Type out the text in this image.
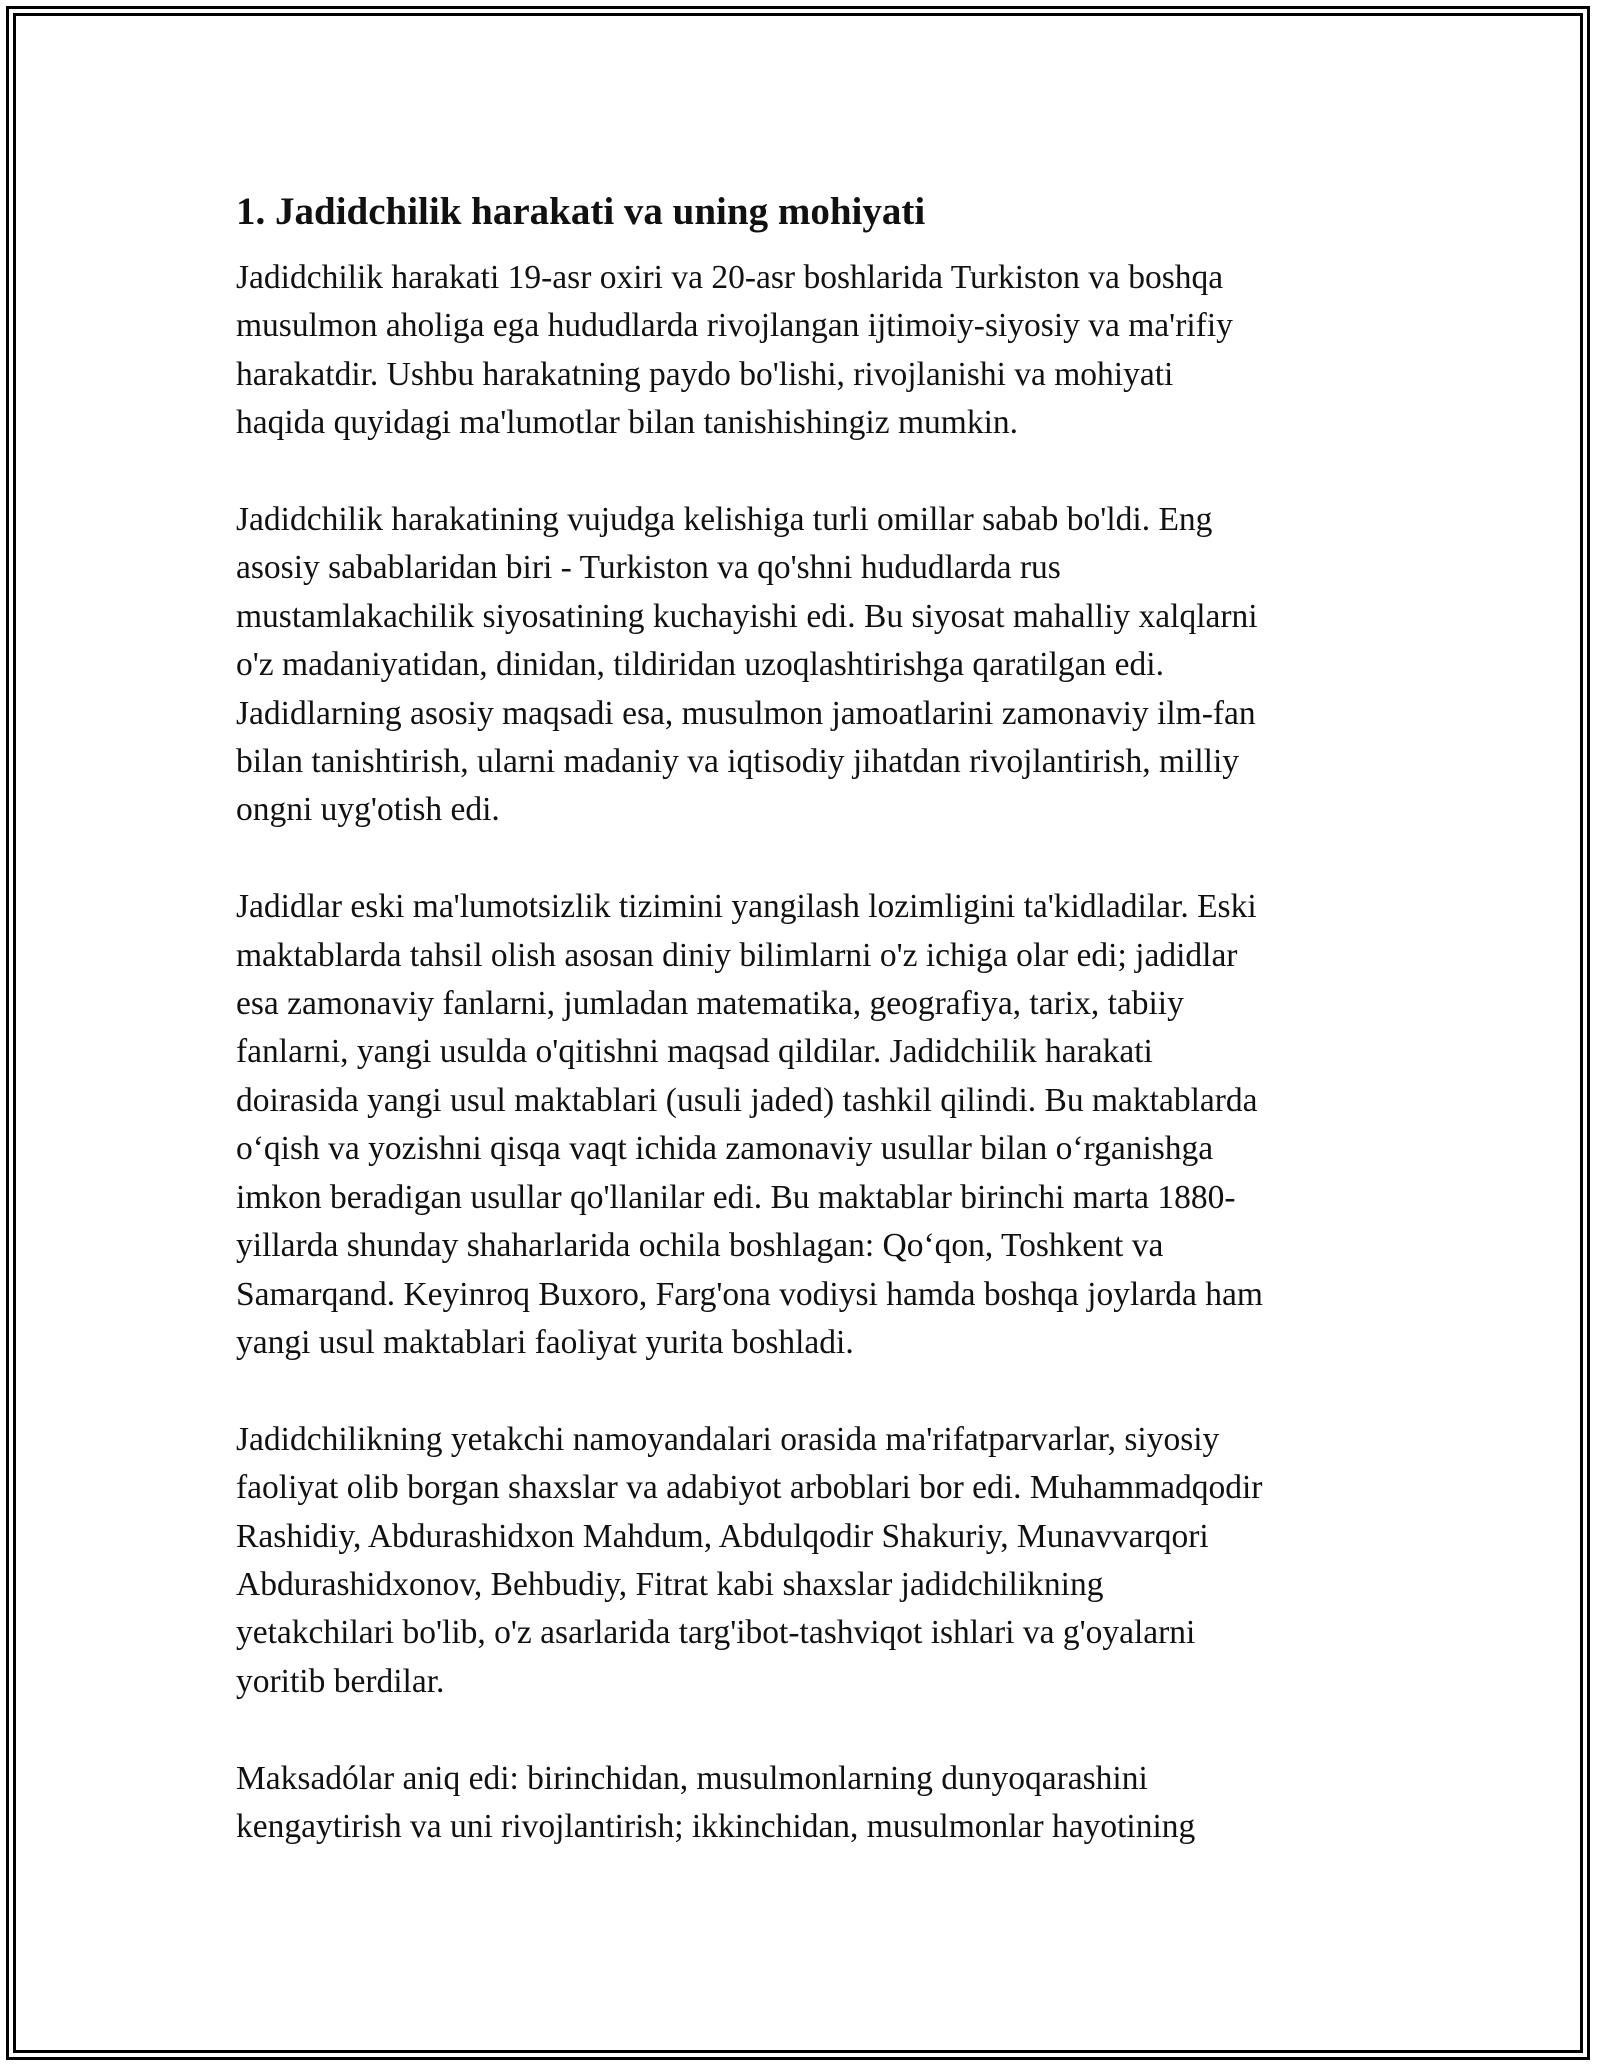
1. Jadidchilik harakati va uning mohiyati

Jadidchilik harakati 19-asr oxiri va 20-asr boshlarida Turkiston va boshqa
musulmon aholiga ega hududlarda rivojlangan ijtimoiy-siyosiy va ma'rifiy
harakatdir. Ushbu harakatning paydo bo'lishi, rivojlanishi va mohiyati
haqida quyidagi ma'lumotlar bilan tanishishingiz mumkin.

Jadidchilik harakatining vujudga kelishiga turli omillar sabab bo'ldi. Eng
asosiy sabablaridan biri - Turkiston va qo'shni hududlarda rus
mustamlakachilik siyosatining kuchayishi edi. Bu siyosat mahalliy xalqlarni
o'z madaniyatidan, dinidan, tildiridan uzoqlashtirishga qaratilgan edi.
Jadidlarning asosiy maqsadi esa, musulmon jamoatlarini zamonaviy ilm-fan
bilan tanishtirish, ularni madaniy va iqtisodiy jihatdan rivojlantirish, milliy
ongni uyg'otish edi.

Jadidlar eski ma'lumotsizlik tizimini yangilash lozimligini ta'kidladilar. Eski
maktablarda tahsil olish asosan diniy bilimlarni o'z ichiga olar edi; jadidlar
esa zamonaviy fanlarni, jumladan matematika, geografiya, tarix, tabiiy
fanlarni, yangi usulda o'qitishni maqsad qildilar. Jadidchilik harakati
doirasida yangi usul maktablari (usuli jaded) tashkil qilindi. Bu maktablarda
o‘qish va yozishni qisqa vaqt ichida zamonaviy usullar bilan o‘rganishga
imkon beradigan usullar qo'llanilar edi. Bu maktablar birinchi marta 1880-
yillarda shunday shaharlarida ochila boshlagan: Qo‘qon, Toshkent va
Samarqand. Keyinroq Buxoro, Farg'ona vodiysi hamda boshqa joylarda ham
yangi usul maktablari faoliyat yurita boshladi.

Jadidchilikning yetakchi namoyandalari orasida ma'rifatparvarlar, siyosiy
faoliyat olib borgan shaxslar va adabiyot arboblari bor edi. Muhammadqodir
Rashidiy, Abdurashidxon Mahdum, Abdulqodir Shakuriy, Munavvarqori
Abdurashidxonov, Behbudiy, Fitrat kabi shaxslar jadidchilikning
yetakchilari bo'lib, o'z asarlarida targ'ibot-tashviqot ishlari va g'oyalarni
yoritib berdilar.

Maksadólar aniq edi: birinchidan, musulmonlarning dunyoqarashini
kengaytirish va uni rivojlantirish; ikkinchidan, musulmonlar hayotining
